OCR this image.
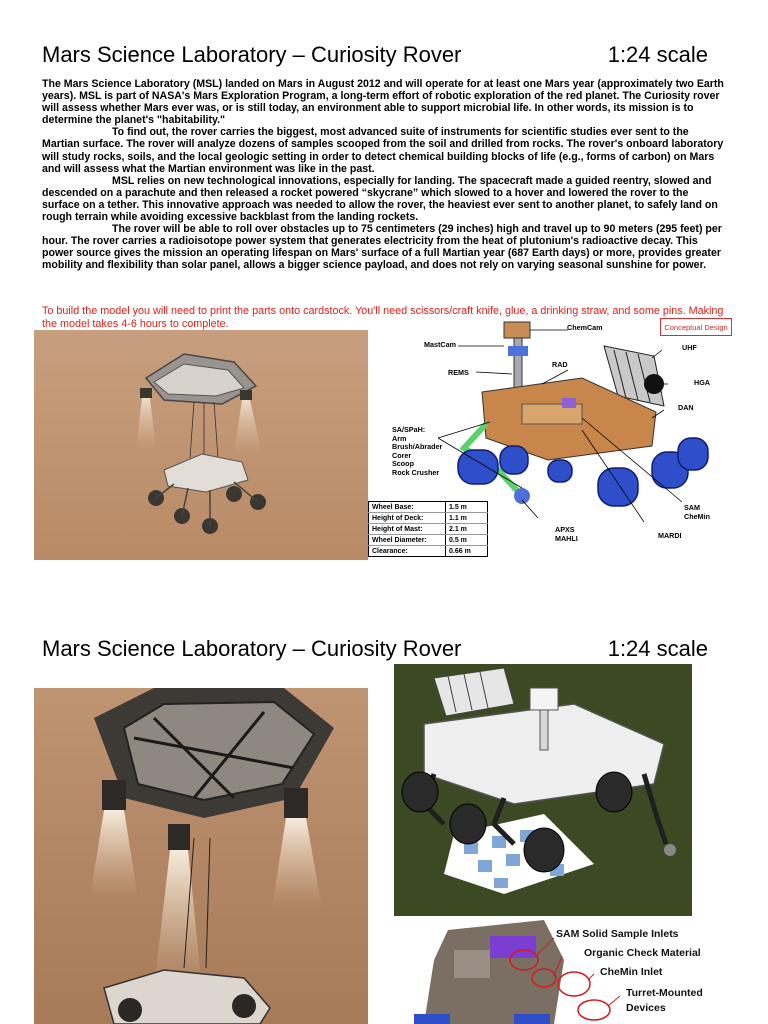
Mars Science Laboratory – Curiosity Rover	1:24 scale

The Mars Science Laboratory (MSL) landed on Mars in August 2012 and will operate for at least one Mars year (approximately two Earth years). MSL is part of NASA's Mars Exploration Program, a long-term effort of robotic exploration of the red planet. The Curiosity rover will assess whether Mars ever was, or is still today, an environment able to support microbial life. In other words, its mission is to determine the planet's "habitability."

To find out, the rover carries the biggest, most advanced suite of instruments for scientific studies ever sent to the Martian surface. The rover will analyze dozens of samples scooped from the soil and drilled from rocks. The rover's onboard laboratory will study rocks, soils, and the local geologic setting in order to detect chemical building blocks of life (e.g., forms of carbon) on Mars and will assess what the Martian environment was like in the past.

MSL relies on new technological innovations, especially for landing. The spacecraft made a guided reentry, slowed and descended on a parachute and then released a rocket powered “skycrane” which slowed to a hover and lowered the rover to the surface on a tether. This innovative approach was needed to allow the rover, the heaviest ever sent to another planet, to safely land on rough terrain while avoiding excessive backblast from the landing rockets.

The rover will be able to roll over obstacles up to 75 centimeters (29 inches) high and travel up to 90 meters (295 feet) per hour. The rover carries a radioisotope power system that generates electricity from the heat of plutonium's radioactive decay. This power source gives the mission an operating lifespan on Mars' surface of a full Martian year (687 Earth days) or more, provides greater mobility and flexibility than solar panel, allows a bigger science payload, and does not rely on varying seasonal sunshine for power.

To build the model you will need to print the parts onto cardstock. You'll need scissors/craft knife, glue, a drinking straw, and some pins. Making the model takes 4-6 hours to complete.	ChemCam
MastCam	UHF
RAD
REMS
HGA
DAN
SA/SPaH:
Arm
Brush/Abrader
Corer
Scoop
Rock Crusher
SAM
CheMin
APXS
MAHLI	MARDI
Conceptual Design
Wheel Base:	1.5 m
Height of Deck:	1.1 m
Height of Mast:	2.1 m
Wheel Diameter:	0.5 m
Clearance:	0.66 m
Mars Science Laboratory – Curiosity Rover	1:24 scale
SAM Solid Sample Inlets
Organic Check Material
CheMin Inlet
Turret-Mounted
Devices
